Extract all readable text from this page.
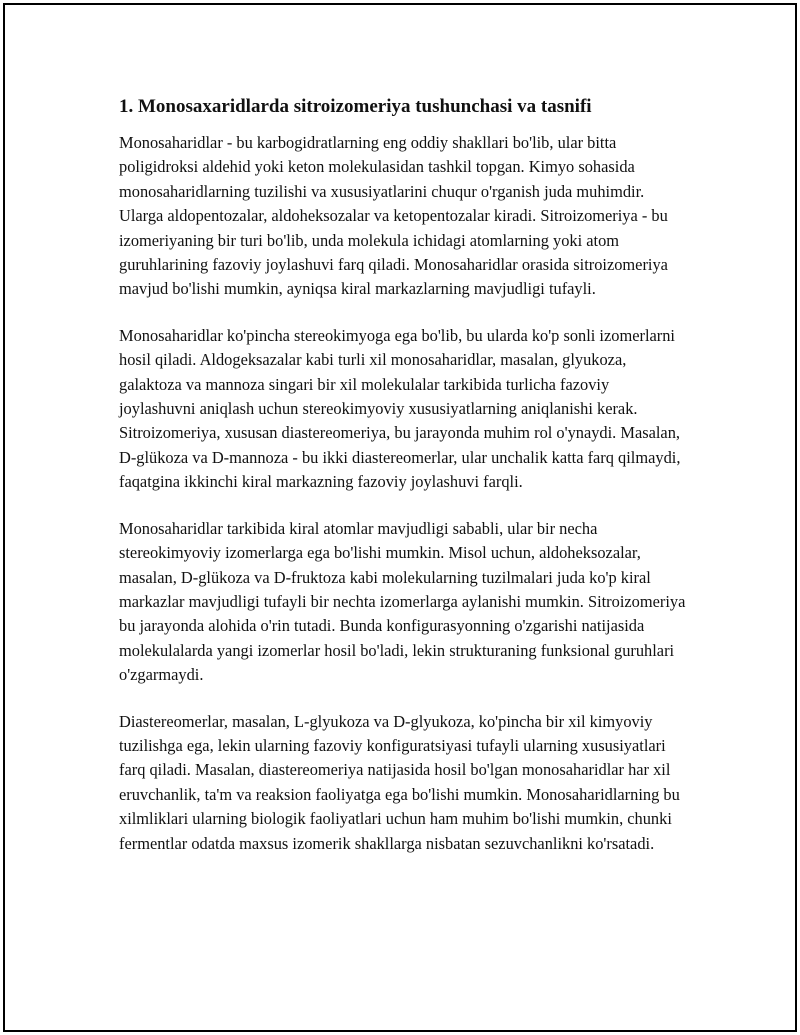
1. Monosaxaridlarda sitroizomeriya tushunchasi va tasnifi

Monosaharidlar - bu karbogidratlarning eng oddiy shakllari bo'lib, ular bitta poligidroksi aldehid yoki keton molekulasidan tashkil topgan. Kimyo sohasida monosaharidlarning tuzilishi va xususiyatlarini chuqur o'rganish juda muhimdir. Ularga aldopentozalar, aldoheksozalar va ketopentozalar kiradi. Sitroizomeriya - bu izomeriyaning bir turi bo'lib, unda molekula ichidagi atomlarning yoki atom guruhlarining fazoviy joylashuvi farq qiladi. Monosaharidlar orasida sitroizomeriya mavjud bo'lishi mumkin, ayniqsa kiral markazlarning mavjudligi tufayli.

Monosaharidlar ko'pincha stereokimyoga ega bo'lib, bu ularda ko'p sonli izomerlarni hosil qiladi. Aldogeksazalar kabi turli xil monosaharidlar, masalan, glyukoza, galaktoza va mannoza singari bir xil molekulalar tarkibida turlicha fazoviy joylashuvni aniqlash uchun stereokimyoviy xususiyatlarning aniqlanishi kerak. Sitroizomeriya, xususan diastereomeriya, bu jarayonda muhim rol o'ynaydi. Masalan, D-glükoza va D-mannoza - bu ikki diastereomerlar, ular unchalik katta farq qilmaydi, faqatgina ikkinchi kiral markazning fazoviy joylashuvi farqli.

Monosaharidlar tarkibida kiral atomlar mavjudligi sababli, ular bir necha stereokimyoviy izomerlarga ega bo'lishi mumkin. Misol uchun, aldoheksozalar, masalan, D-glükoza va D-fruktoza kabi molekularning tuzilmalari juda ko'p kiral markazlar mavjudligi tufayli bir nechta izomerlarga aylanishi mumkin. Sitroizomeriya bu jarayonda alohida o'rin tutadi. Bunda konfigurasyonning o'zgarishi natijasida molekulalarda yangi izomerlar hosil bo'ladi, lekin strukturaning funksional guruhlari o'zgarmaydi.

Diastereomerlar, masalan, L-glyukoza va D-glyukoza, ko'pincha bir xil kimyoviy tuzilishga ega, lekin ularning fazoviy konfiguratsiyasi tufayli ularning xususiyatlari farq qiladi. Masalan, diastereomeriya natijasida hosil bo'lgan monosaharidlar har xil eruvchanlik, ta'm va reaksion faoliyatga ega bo'lishi mumkin. Monosaharidlarning bu xilmliklari ularning biologik faoliyatlari uchun ham muhim bo'lishi mumkin, chunki fermentlar odatda maxsus izomerik shakllarga nisbatan sezuvchanlikni ko'rsatadi.
